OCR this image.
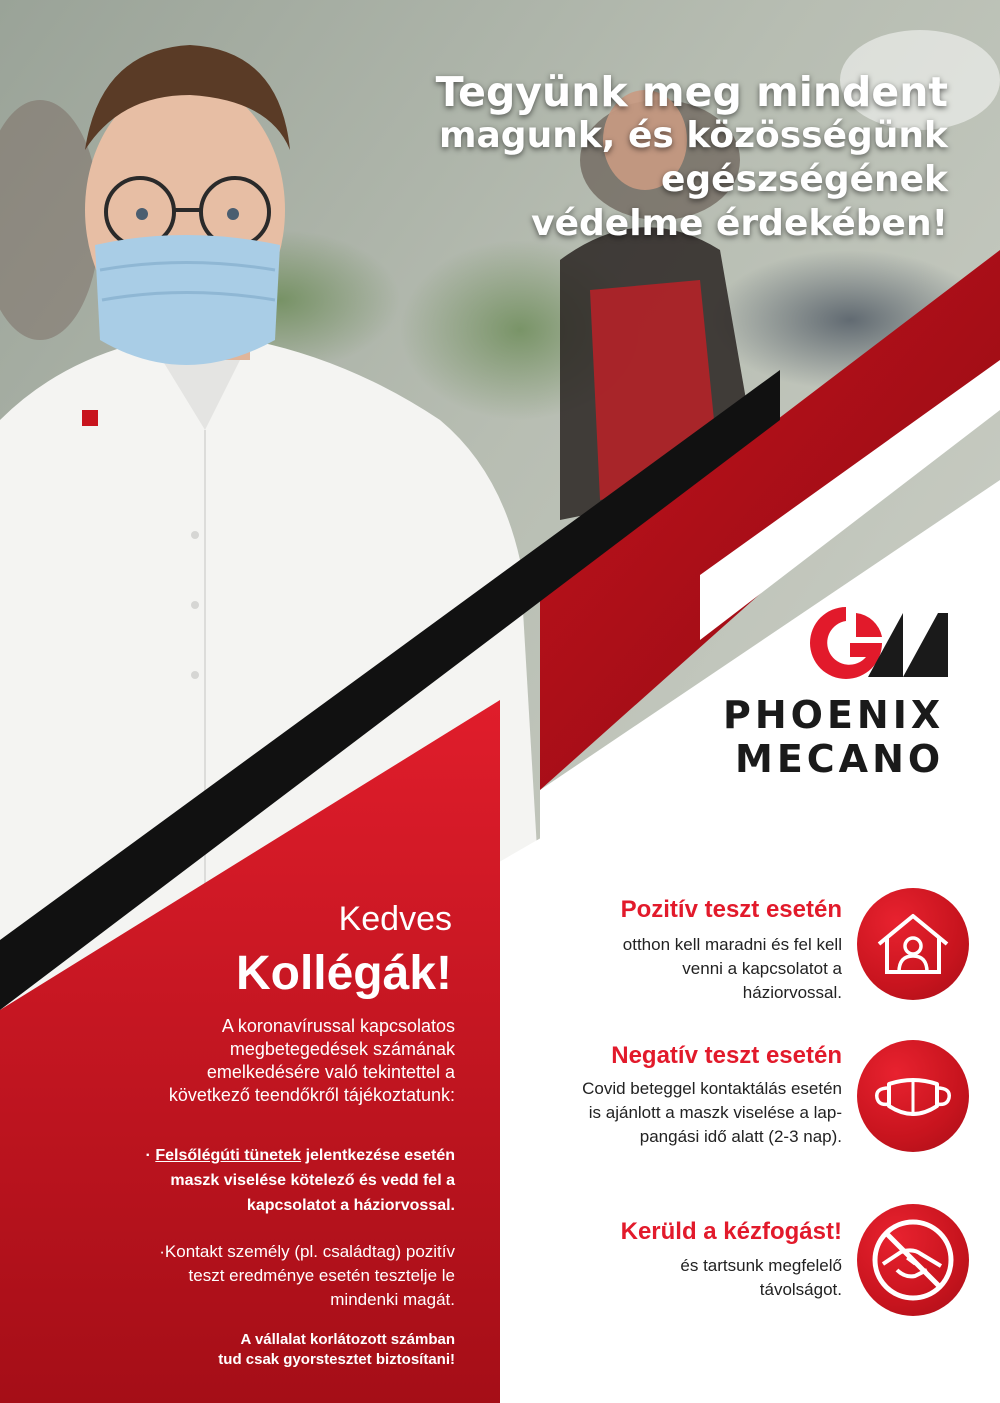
Tegyünk meg mindent
magunk, és közösségünk
egészségének
védelme érdekében!
PHOENIX
MECANO
Kedves
Kollégák!
A koronavírussal kapcsolatos
megbetegedések számának
emelkedésére való tekintettel a
következő teendőkről tájékoztatunk:
· Felsőlégúti tünetek jelentkezése esetén
maszk viselése kötelező és vedd fel a
kapcsolatot a háziorvossal.
·Kontakt személy (pl. családtag) pozitív
teszt eredménye esetén tesztelje le
mindenki magát.
A vállalat korlátozott számban
tud csak gyorstesztet biztosítani!
Pozitív teszt esetén
otthon kell maradni és fel kell
venni a kapcsolatot a
háziorvossal.
Negatív teszt esetén
Covid beteggel kontaktálás esetén
is ajánlott a maszk viselése a lap-
pangási idő alatt (2-3 nap).
Kerüld a kézfogást!
és tartsunk megfelelő
távolságot.
